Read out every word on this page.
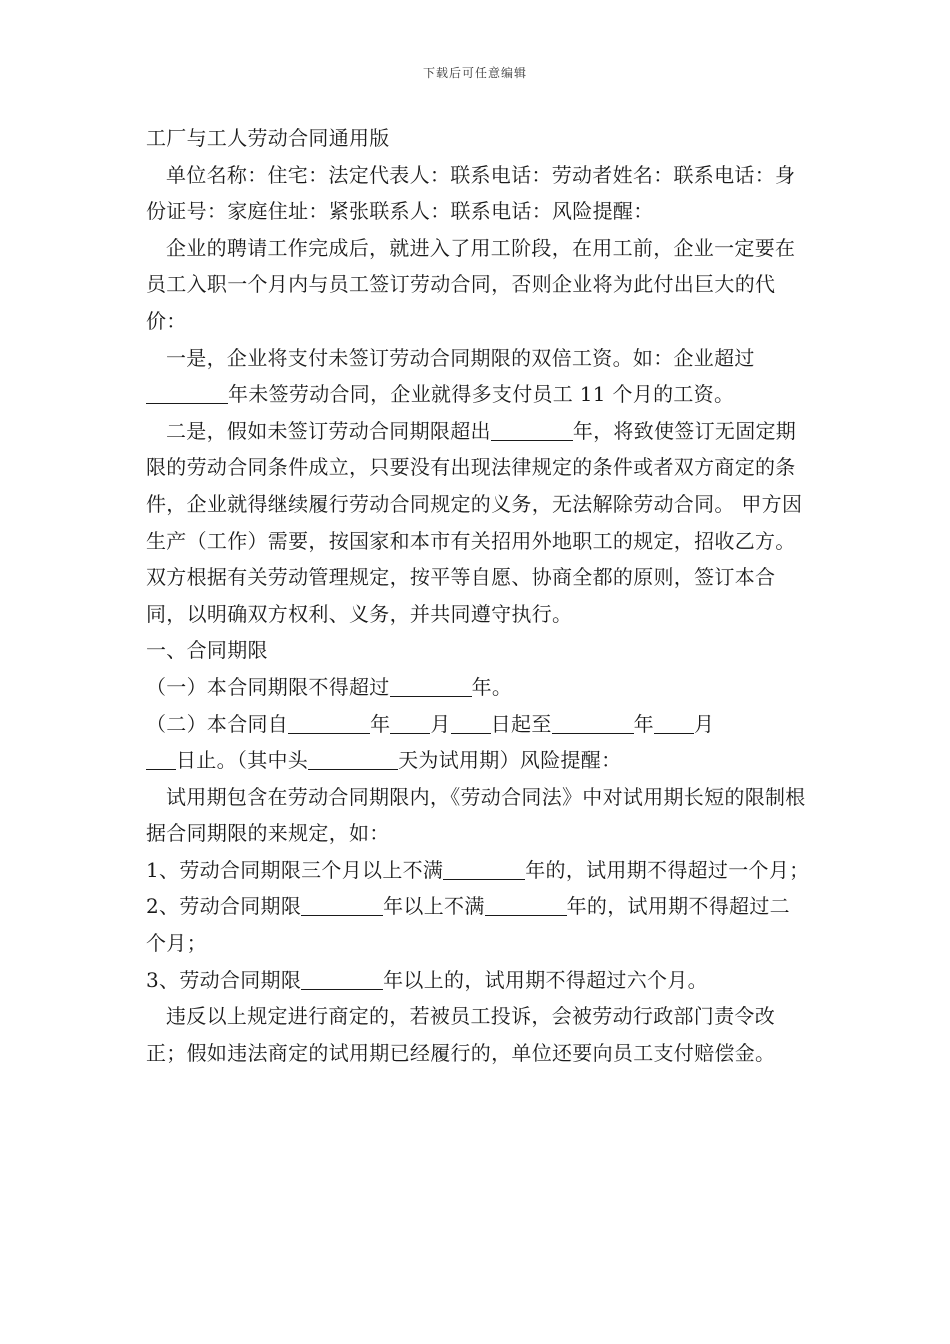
下载后可任意编辑

工厂与工人劳动合同通用版

单位名称：住宅：法定代表人：联系电话：劳动者姓名：联系电话：身份证号：家庭住址：紧张联系人：联系电话：风险提醒：

企业的聘请工作完成后，就进入了用工阶段，在用工前，企业一定要在员工入职一个月内与员工签订劳动合同，否则企业将为此付出巨大的代价：

一是，企业将支付未签订劳动合同期限的双倍工资。如：企业超过年未签劳动合同，企业就得多支付员工 11 个月的工资。

二是，假如未签订劳动合同期限超出	年，将致使签订无固定期限的劳动合同条件成立，只要没有出现法律规定的条件或者双方商定的条件，企业就得继续履行劳动合同规定的义务，无法解除劳动合同。 甲方因生产（工作）需要，按国家和本市有关招用外地职工的规定，招收乙方。双方根据有关劳动管理规定，按平等自愿、协商全都的原则，签订本合同，以明确双方权利、义务，并共同遵守执行。

一、合同期限

（一）本合同期限不得超过	年。

（二）本合同自	年 月 日起至	年 月
日止。（其中头	天为试用期）风险提醒：

试用期包含在劳动合同期限内，《劳动合同法》中对试用期长短的限制根据合同期限的来规定，如：

1、劳动合同期限三个月以上不满	年的，试用期不得超过一个月；

2、劳动合同期限	年以上不满	年的，试用期不得超过二个月；

3、劳动合同期限	年以上的，试用期不得超过六个月。

违反以上规定进行商定的，若被员工投诉，会被劳动行政部门责令改正；假如违法商定的试用期已经履行的，单位还要向员工支付赔偿金。
